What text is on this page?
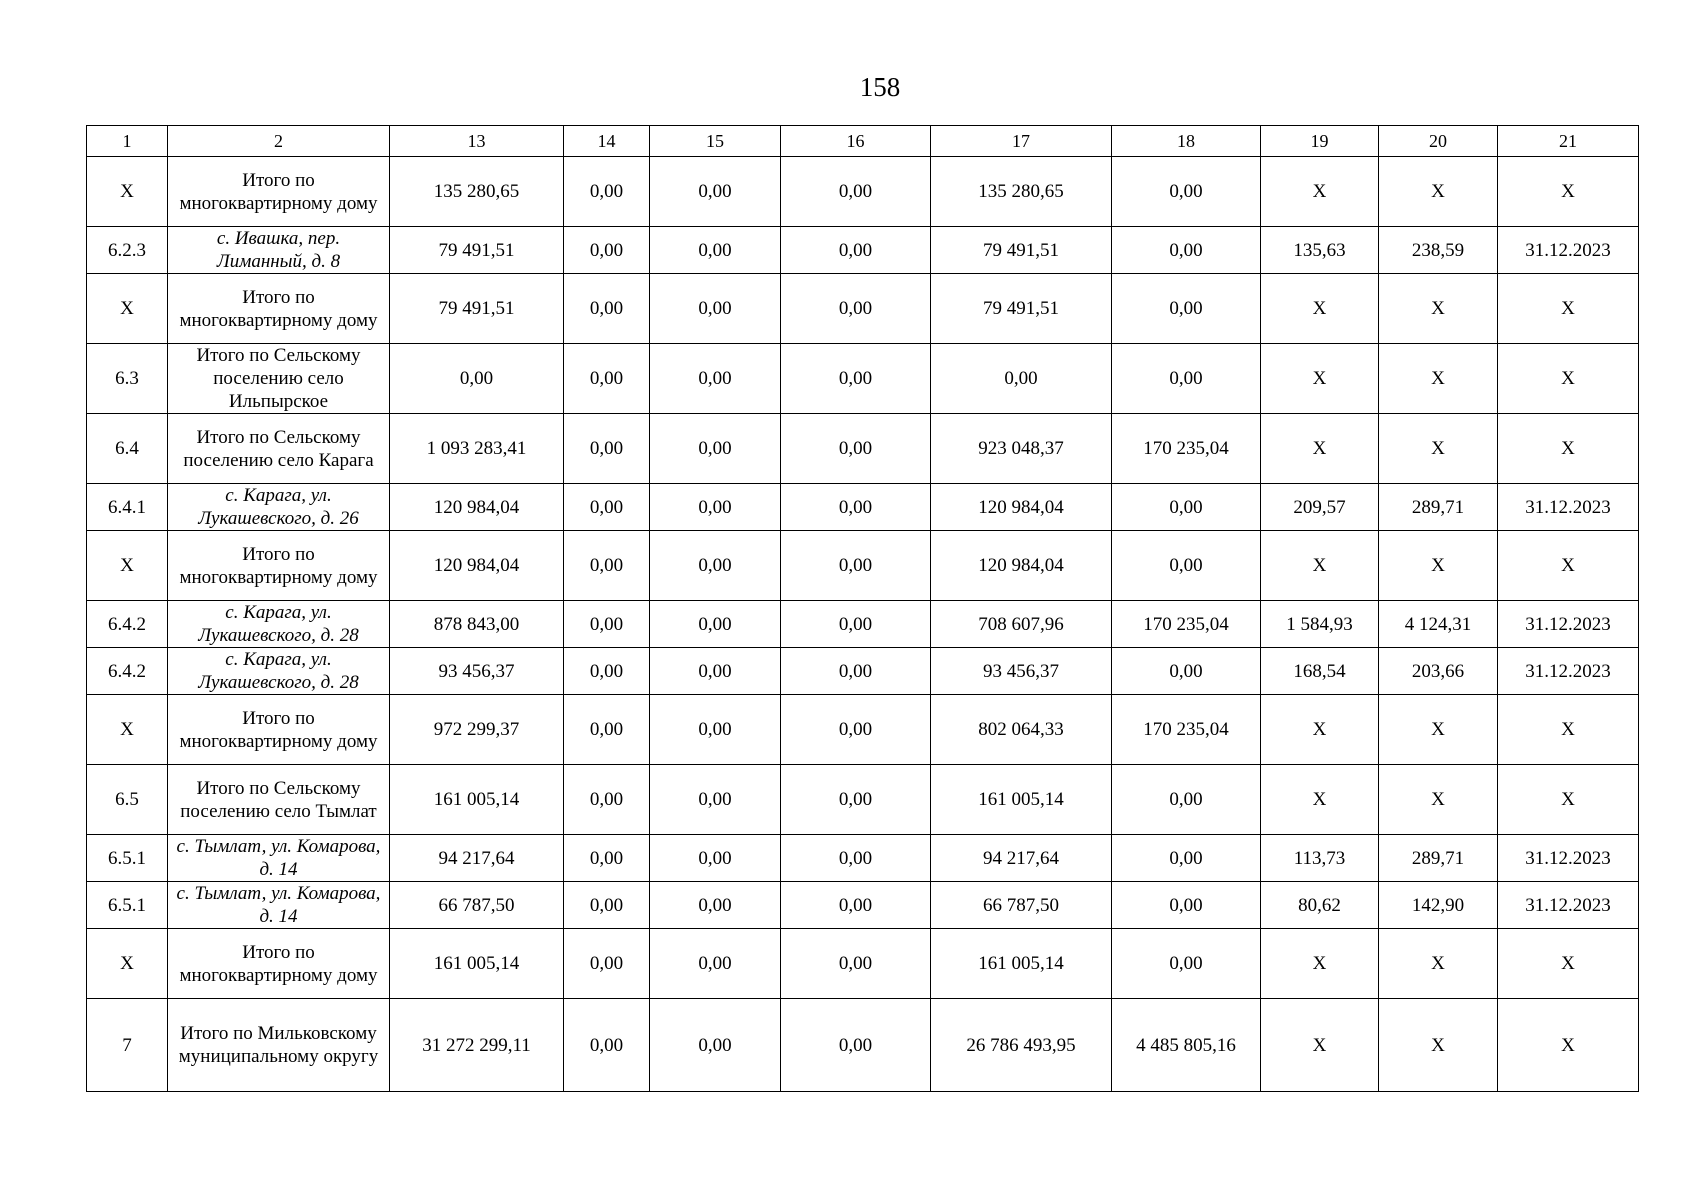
158
1	2	13	14	15	16	17	18	19	20	21
Х	Итого по многоквартирному дому	135 280,65	0,00	0,00	0,00	135 280,65	0,00	Х	Х	Х
6.2.3	с. Ивашка, пер. Лиманный, д. 8	79 491,51	0,00	0,00	0,00	79 491,51	0,00	135,63	238,59	31.12.2023
Х	Итого по многоквартирному дому	79 491,51	0,00	0,00	0,00	79 491,51	0,00	Х	Х	Х
6.3	Итого по Сельскому поселению село Ильпырское	0,00	0,00	0,00	0,00	0,00	0,00	Х	Х	Х
6.4	Итого по Сельскому поселению село Карага	1 093 283,41	0,00	0,00	0,00	923 048,37	170 235,04	Х	Х	Х
6.4.1	с. Карага, ул. Лукашевского, д. 26	120 984,04	0,00	0,00	0,00	120 984,04	0,00	209,57	289,71	31.12.2023
Х	Итого по многоквартирному дому	120 984,04	0,00	0,00	0,00	120 984,04	0,00	Х	Х	Х
6.4.2	с. Карага, ул. Лукашевского, д. 28	878 843,00	0,00	0,00	0,00	708 607,96	170 235,04	1 584,93	4 124,31	31.12.2023
6.4.2	с. Карага, ул. Лукашевского, д. 28	93 456,37	0,00	0,00	0,00	93 456,37	0,00	168,54	203,66	31.12.2023
Х	Итого по многоквартирному дому	972 299,37	0,00	0,00	0,00	802 064,33	170 235,04	Х	Х	Х
6.5	Итого по Сельскому поселению село Тымлат	161 005,14	0,00	0,00	0,00	161 005,14	0,00	Х	Х	Х
6.5.1	с. Тымлат, ул. Комарова, д. 14	94 217,64	0,00	0,00	0,00	94 217,64	0,00	113,73	289,71	31.12.2023
6.5.1	с. Тымлат, ул. Комарова, д. 14	66 787,50	0,00	0,00	0,00	66 787,50	0,00	80,62	142,90	31.12.2023
Х	Итого по многоквартирному дому	161 005,14	0,00	0,00	0,00	161 005,14	0,00	Х	Х	Х
7	Итого по Мильковскому муниципальному округу	31 272 299,11	0,00	0,00	0,00	26 786 493,95	4 485 805,16	Х	Х	Х
